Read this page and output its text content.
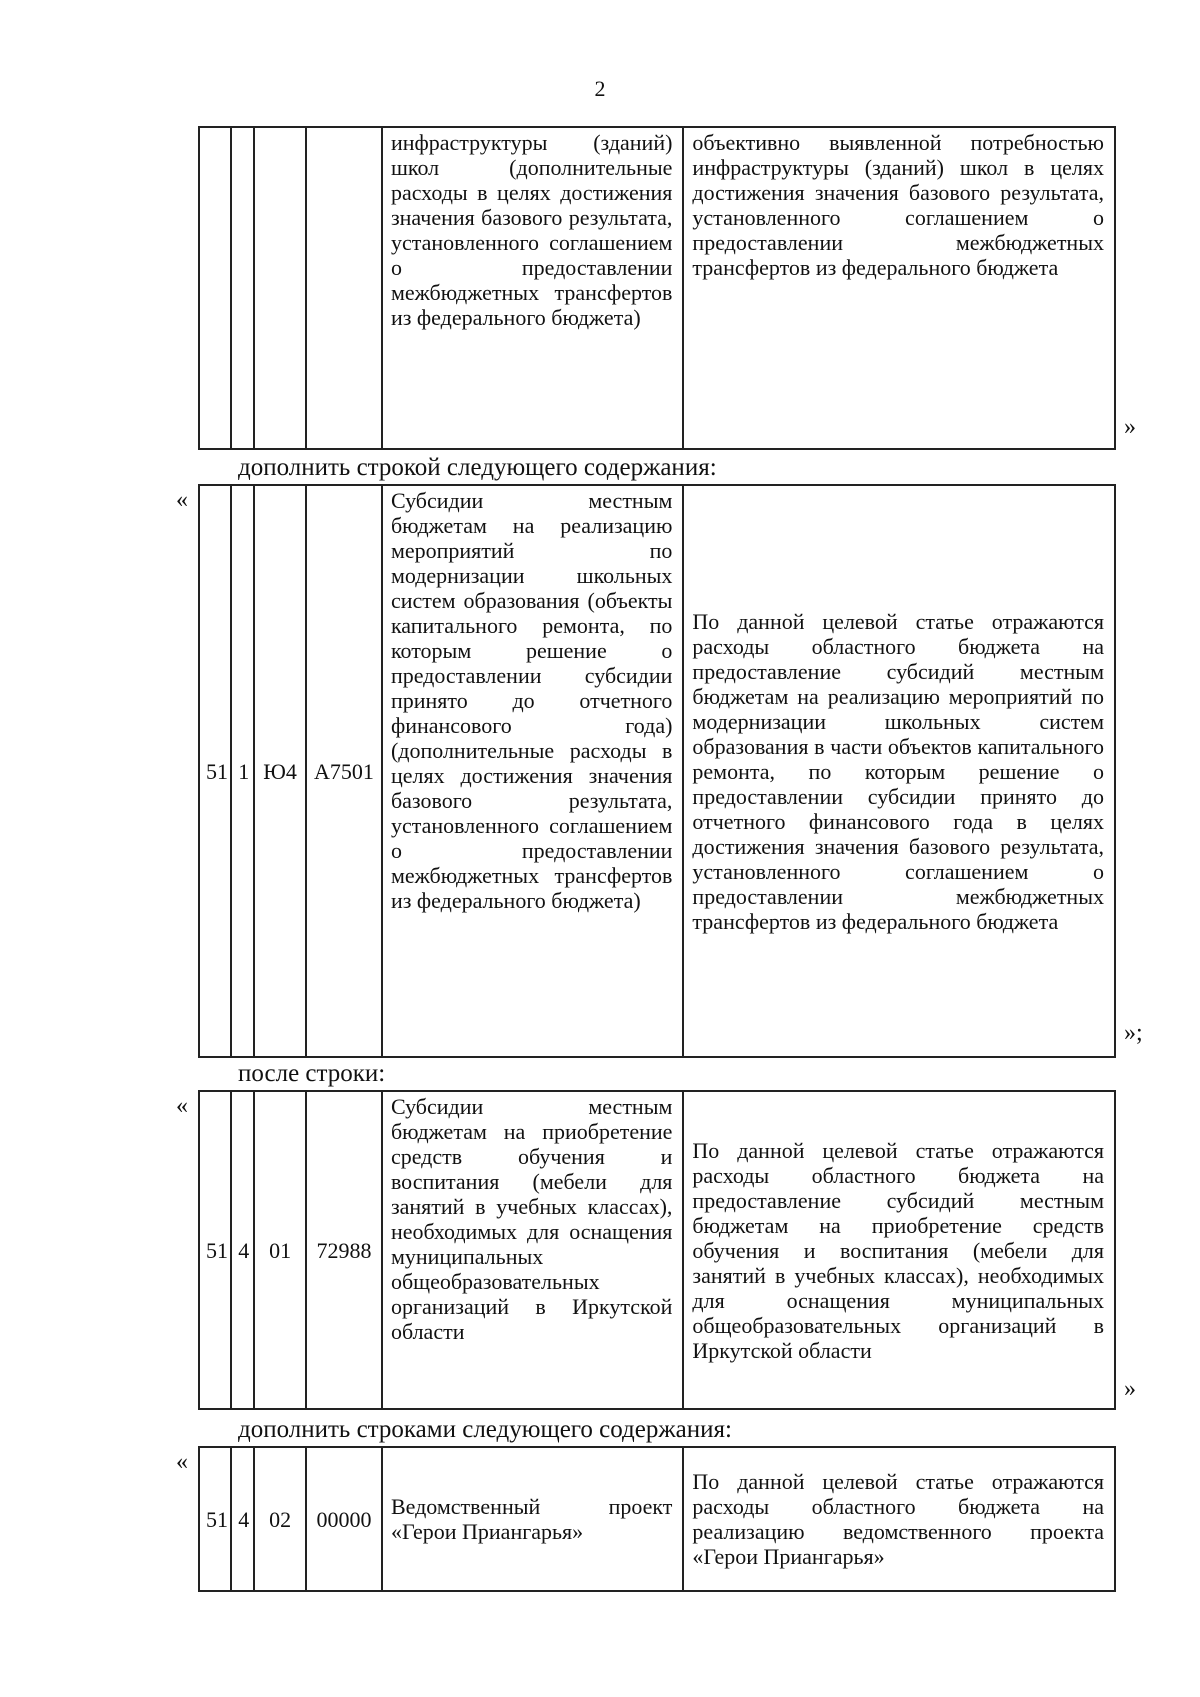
2
				инфраструктуры (зданий) школ (дополнительные расходы в целях достижения значения базового результата, установленного соглашением о предоставлении межбюджетных трансфертов из федерального бюджета)	объективно выявленной потребностью инфраструктуры (зданий) школ в целях достижения значения базового результата, установленного соглашением о предоставлении межбюджетных трансфертов из федерального бюджета
»
дополнить строкой следующего содержания:
«
51	1	Ю4	А7501	Субсидии местным бюджетам на реализацию мероприятий по модернизации школьных систем образования (объекты капитального ремонта, по которым решение о предоставлении субсидии принято до отчетного финансового года) (дополнительные расходы в целях достижения значения базового результата, установленного соглашением о предоставлении межбюджетных трансфертов из федерального бюджета)	По данной целевой статье отражаются расходы областного бюджета на предоставление субсидий местным бюджетам на реализацию мероприятий по модернизации школьных систем образования в части объектов капитального ремонта, по которым решение о предоставлении субсидии принято до отчетного финансового года в целях достижения значения базового результата, установленного соглашением о предоставлении межбюджетных трансфертов из федерального бюджета
»;
после строки:
«
51	4	01	72988	Субсидии местным бюджетам на приобретение средств обучения и воспитания (мебели для занятий в учебных классах), необходимых для оснащения муниципальных общеобразовательных организаций в Иркутской области	По данной целевой статье отражаются расходы областного бюджета на предоставление субсидий местным бюджетам на приобретение средств обучения и воспитания (мебели для занятий в учебных классах), необходимых для оснащения муниципальных общеобразовательных организаций в Иркутской области
»
дополнить строками следующего содержания:
«
51	4	02	00000	Ведомственный проект «Герои Приангарья»	По данной целевой статье отражаются расходы областного бюджета на реализацию ведомственного проекта «Герои Приангарья»
